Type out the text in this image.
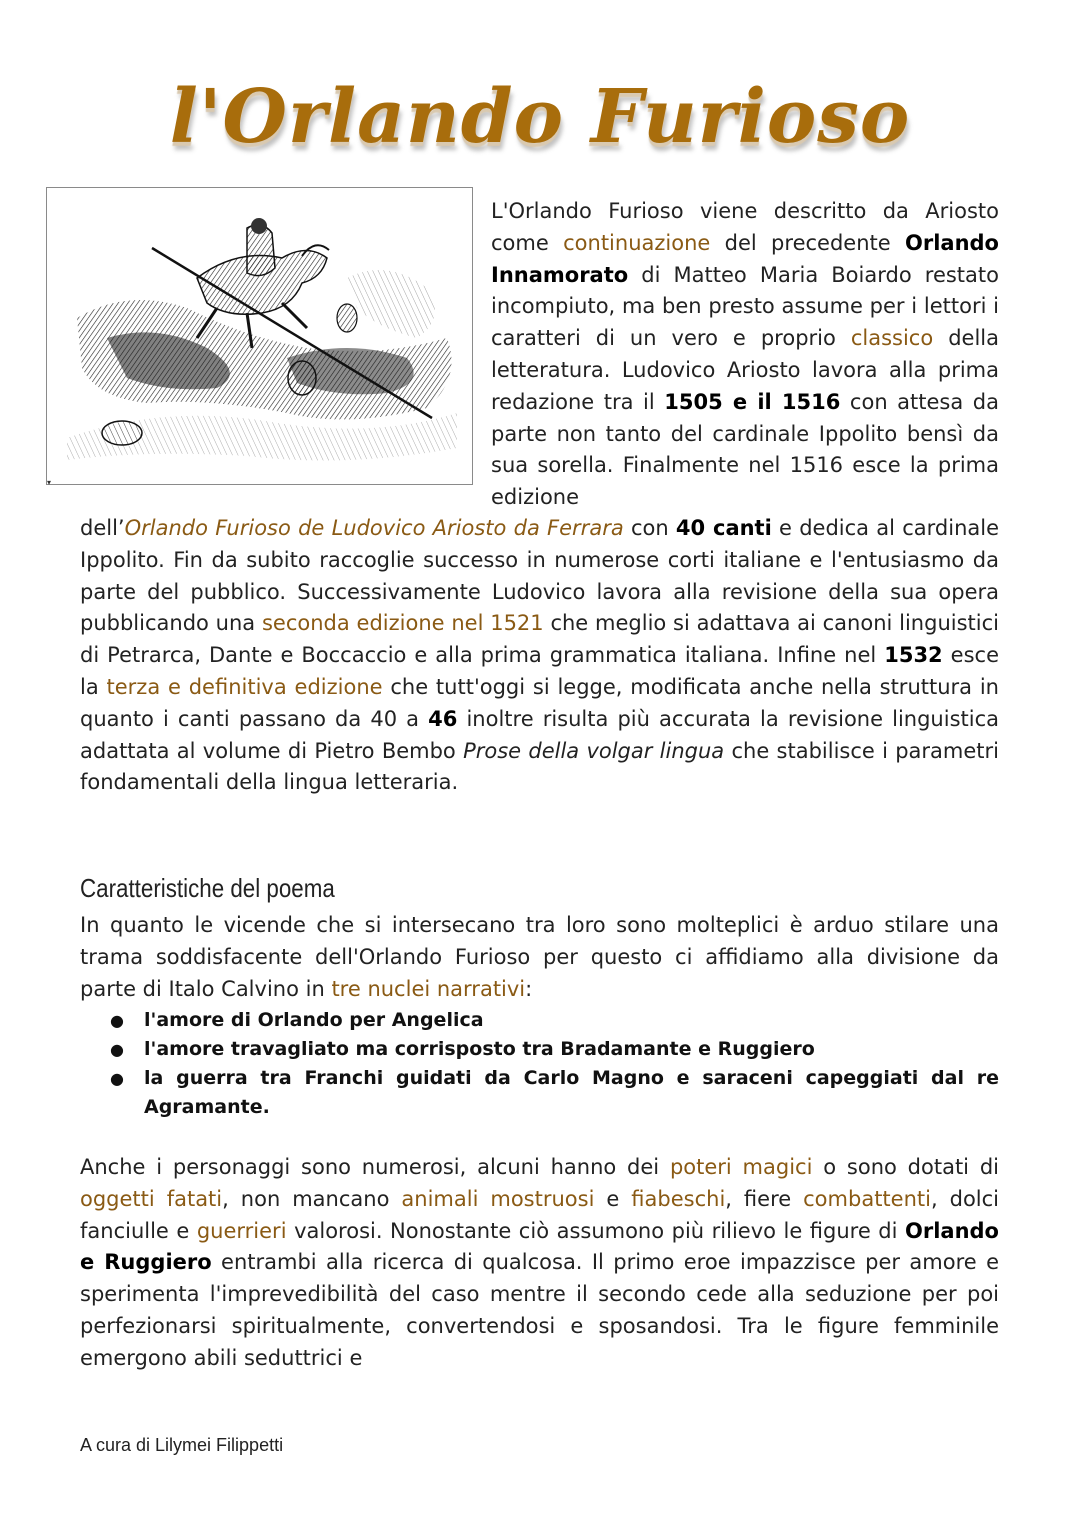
l'Orlando Furioso
▾
L'Orlando Furioso viene descritto da Ariosto come continuazione del precedente Orlando Innamorato di Matteo Maria Boiardo restato incompiuto, ma ben presto assume per i lettori i caratteri di un vero e proprio classico della letteratura. Ludovico Ariosto lavora alla prima redazione tra il 1505 e il 1516 con attesa da parte non tanto del cardinale Ippolito bensì da sua sorella. Finalmente nel 1516 esce la prima edizione
dell’Orlando Furioso de Ludovico Ariosto da Ferrara con 40 canti e dedica al cardinale Ippolito. Fin da subito raccoglie successo in numerose corti italiane e l'entusiasmo da parte del pubblico. Successivamente Ludovico lavora alla revisione della sua opera pubblicando una seconda edizione nel 1521 che meglio si adattava ai canoni linguistici di Petrarca, Dante e Boccaccio e alla prima grammatica italiana. Infine nel 1532 esce la terza e definitiva edizione che tutt'oggi si legge, modificata anche nella struttura in quanto i canti passano da 40 a 46 inoltre risulta più accurata la revisione linguistica adattata al volume di Pietro Bembo Prose della volgar lingua che stabilisce i parametri fondamentali della lingua letteraria.
Caratteristiche del poema
In quanto le vicende che si intersecano tra loro sono molteplici è arduo stilare una trama soddisfacente dell'Orlando Furioso per questo ci affidiamo alla divisione da parte di Italo Calvino in tre nuclei narrativi:
● l'amore di Orlando per Angelica
● l'amore travagliato ma corrisposto tra Bradamante e Ruggiero
● la guerra tra Franchi guidati da Carlo Magno e saraceni capeggiati dal re Agramante.
Anche i personaggi sono numerosi, alcuni hanno dei poteri magici o sono dotati di oggetti fatati, non mancano animali mostruosi e fiabeschi, fiere combattenti, dolci fanciulle e guerrieri valorosi. Nonostante ciò assumono più rilievo le figure di Orlando e Ruggiero entrambi alla ricerca di qualcosa. Il primo eroe impazzisce per amore e sperimenta l'imprevedibilità del caso mentre il secondo cede alla seduzione per poi perfezionarsi spiritualmente, convertendosi e sposandosi. Tra le figure femminile emergono abili seduttrici e
A cura di Lilymei Filippetti
